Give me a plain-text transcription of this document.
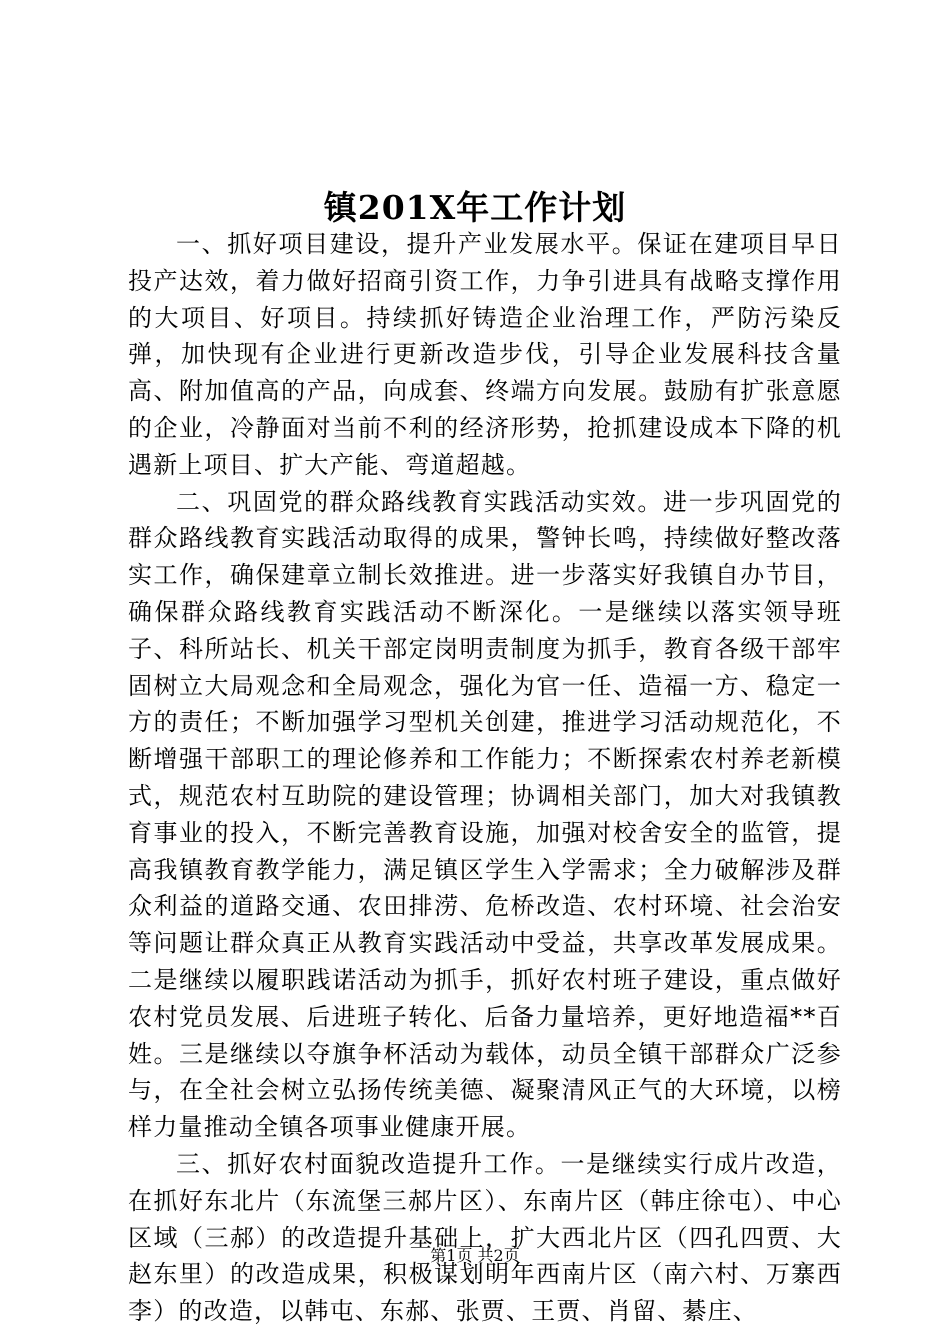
镇201X年工作计划

一、抓好项目建设，提升产业发展水平。保证在建项目早日投产达效，着力做好招商引资工作，力争引进具有战略支撑作用的大项目、好项目。持续抓好铸造企业治理工作，严防污染反弹，加快现有企业进行更新改造步伐，引导企业发展科技含量高、附加值高的产品，向成套、终端方向发展。鼓励有扩张意愿的企业，冷静面对当前不利的经济形势，抢抓建设成本下降的机遇新上项目、扩大产能、弯道超越。

二、巩固党的群众路线教育实践活动实效。进一步巩固党的群众路线教育实践活动取得的成果，警钟长鸣，持续做好整改落实工作，确保建章立制长效推进。进一步落实好我镇自办节目，确保群众路线教育实践活动不断深化。一是继续以落实领导班子、科所站长、机关干部定岗明责制度为抓手，教育各级干部牢固树立大局观念和全局观念，强化为官一任、造福一方、稳定一方的责任；不断加强学习型机关创建，推进学习活动规范化，不断增强干部职工的理论修养和工作能力；不断探索农村养老新模式，规范农村互助院的建设管理；协调相关部门，加大对我镇教育事业的投入，不断完善教育设施，加强对校舍安全的监管，提高我镇教育教学能力，满足镇区学生入学需求；全力破解涉及群众利益的道路交通、农田排涝、危桥改造、农村环境、社会治安等问题让群众真正从教育实践活动中受益，共享改革发展成果。二是继续以履职践诺活动为抓手，抓好农村班子建设，重点做好农村党员发展、后进班子转化、后备力量培养，更好地造福**百姓。三是继续以夺旗争杯活动为载体，动员全镇干部群众广泛参与，在全社会树立弘扬传统美德、凝聚清风正气的大环境，以榜样力量推动全镇各项事业健康开展。

三、抓好农村面貌改造提升工作。一是继续实行成片改造，在抓好东北片（东流堡三郝片区）、东南片区（韩庄徐屯）、中心区域（三郝）的改造提升基础上，扩大西北片区（四孔四贾、大赵东里）的改造成果，积极谋划明年西南片区（南六村、万寨西李）的改造，以韩屯、东郝、张贾、王贾、肖留、綦庄、

第1页 共2页
